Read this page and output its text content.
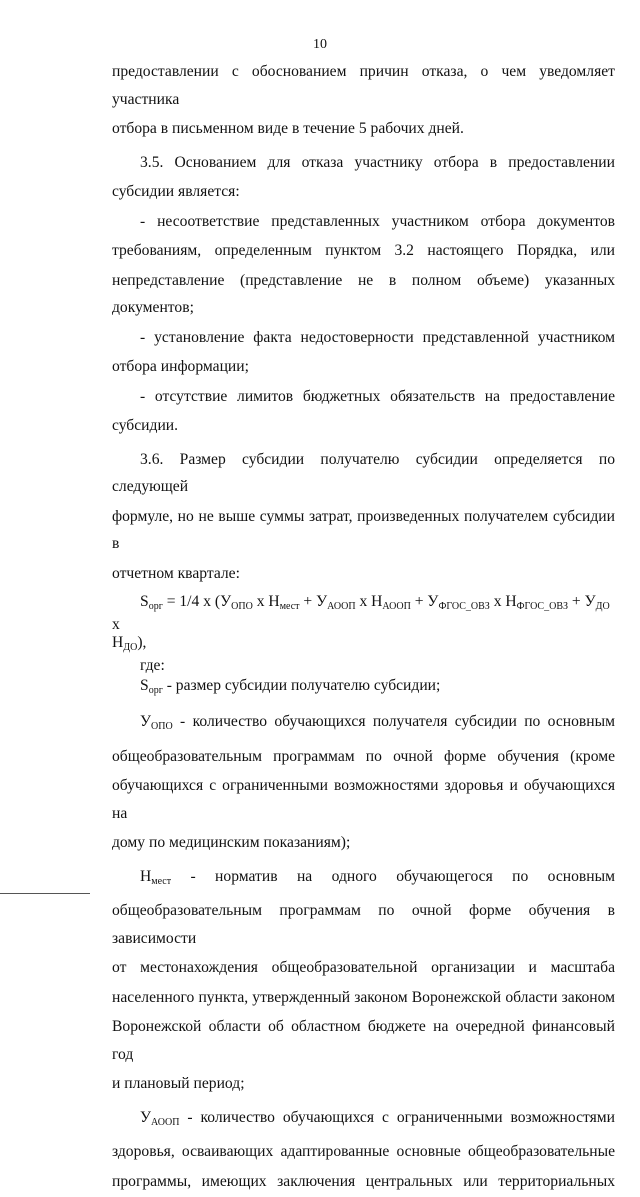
10

предоставлении с обоснованием причин отказа, о чем уведомляет участника

отбора в письменном виде в течение 5 рабочих дней.

3.5. Основанием для отказа участнику отбора в предоставлении

субсидии является:

- несоответствие представленных участником отбора документов

требованиям, определенным пунктом 3.2 настоящего Порядка, или

непредставление (представление не в полном объеме) указанных документов;

- установление факта недостоверности представленной участником

отбора информации;

- отсутствие лимитов бюджетных обязательств на предоставление

субсидии.

3.6. Размер субсидии получателю субсидии определяется по следующей

формуле, но не выше суммы затрат, произведенных получателем субсидии в

отчетном квартале:

$S_{орг} = 1/4$ x ($У_{ОПО}$ x $Н_{мест} + У_{АООП}$ x $Н_{АООП} + У_{ФГОС\_ОВЗ}$ x $Н_{ФГОС\_ОВЗ} + У_{ДО}$ x
$Н_{ДО}$),
где:

$S_{орг}$ - размер субсидии получателю субсидии;

$У_{ОПО}$ - количество обучающихся получателя субсидии по основным

общеобразовательным программам по очной форме обучения (кроме

обучающихся с ограниченными возможностями здоровья и обучающихся на

дому по медицинским показаниям);

$Н_{мест}$ - норматив на одного обучающегося по основным

общеобразовательным программам по очной форме обучения в зависимости

от местонахождения общеобразовательной организации и масштаба

населенного пункта, утвержденный законом Воронежской области законом

Воронежской области об областном бюджете на очередной финансовый год

и плановый период;

$У_{АООП}$ - количество обучающихся с ограниченными возможностями

здоровья, осваивающих адаптированные основные общеобразовательные

программы, имеющих заключения центральных или территориальных
